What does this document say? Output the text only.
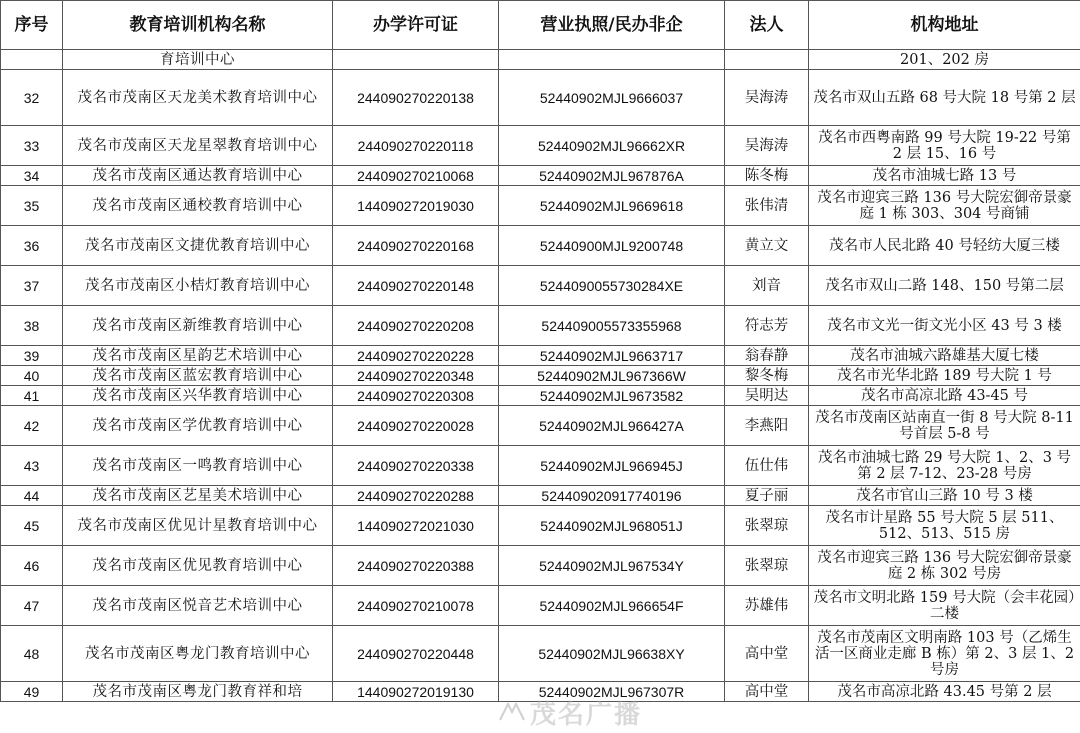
序号	教育培训机构名称	办学许可证	营业执照/民办非企	法人	机构地址
	育培训中心				201、202 房
32	茂名市茂南区天龙美术教育培训中心	244090270220138	52440902MJL9666037	吴海涛	茂名市双山五路 68 号大院 18 号第 2 层
33	茂名市茂南区天龙星翠教育培训中心	244090270220118	52440902MJL96662XR	吴海涛	茂名市西粤南路 99 号大院 19-22 号第 2 层 15、16 号
34	茂名市茂南区通达教育培训中心	244090270210068	52440902MJL967876A	陈冬梅	茂名市油城七路 13 号
35	茂名市茂南区通校教育培训中心	144090272019030	52440902MJL9669618	张伟清	茂名市迎宾三路 136 号大院宏御帝景豪庭 1 栋 303、304 号商铺
36	茂名市茂南区文捷优教育培训中心	244090270220168	52440900MJL9200748	黄立文	茂名市人民北路 40 号轻纺大厦三楼
37	茂名市茂南区小桔灯教育培训中心	244090270220148	5244090055730284XE	刘音	茂名市双山二路 148、150 号第二层
38	茂名市茂南区新维教育培训中心	244090270220208	524409005573355968	符志芳	茂名市文光一街文光小区 43 号 3 楼
39	茂名市茂南区星韵艺术培训中心	244090270220228	52440902MJL9663717	翁春静	茂名市油城六路雄基大厦七楼
40	茂名市茂南区蓝宏教育培训中心	244090270220348	52440902MJL967366W	黎冬梅	茂名市光华北路 189 号大院 1 号
41	茂名市茂南区兴华教育培训中心	244090270220308	52440902MJL9673582	吴明达	茂名市高凉北路 43-45 号
42	茂名市茂南区学优教育培训中心	244090270220028	52440902MJL966427A	李燕阳	茂名市茂南区站南直一街 8 号大院 8-11 号首层 5-8 号
43	茂名市茂南区一鸣教育培训中心	244090270220338	52440902MJL966945J	伍仕伟	茂名市油城七路 29 号大院 1、2、3 号第 2 层 7-12、23-28 号房
44	茂名市茂南区艺星美术培训中心	244090270220288	524409020917740196	夏子丽	茂名市官山三路 10 号 3 楼
45	茂名市茂南区优见计星教育培训中心	144090272021030	52440902MJL968051J	张翠琼	茂名市计星路 55 号大院 5 层 511、512、513、515 房
46	茂名市茂南区优见教育培训中心	244090270220388	52440902MJL967534Y	张翠琼	茂名市迎宾三路 136 号大院宏御帝景豪庭 2 栋 302 号房
47	茂名市茂南区悦音艺术培训中心	244090270210078	52440902MJL966654F	苏雄伟	茂名市文明北路 159 号大院（会丰花园）二楼
48	茂名市茂南区粤龙门教育培训中心	244090270220448	52440902MJL96638XY	高中堂	茂名市茂南区文明南路 103 号（乙烯生活一区商业走廊 B 栋）第 2、3 层 1、2 号房
49	茂名市茂南区粤龙门教育祥和培	144090272019130	52440902MJL967307R	高中堂	茂名市高凉北路 43.45 号第 2 层
茂名广播
